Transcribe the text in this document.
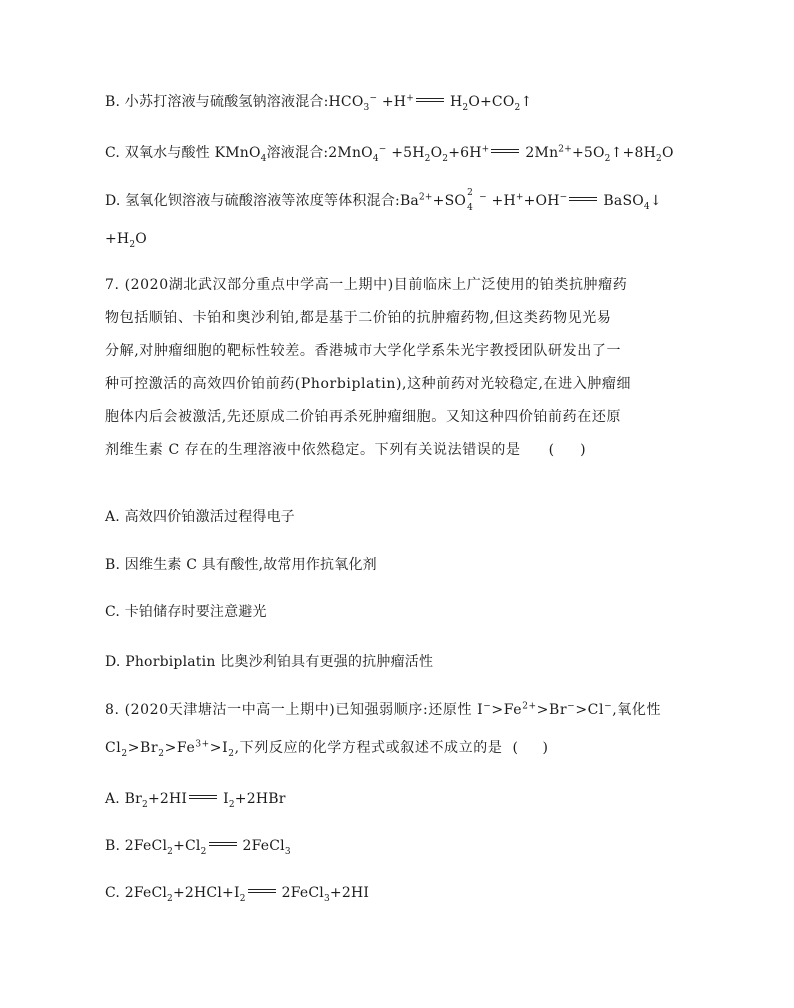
B. 小苏打溶液与硫酸氢钠溶液混合$:HCO_3^- +H^+$	$H_2O+CO_2↑$
C. 双氧水与酸性 KMnO$_4$溶液混合:2MnO$_4$− $+5H_2O_2+6H^+$	$2Mn^{2+}+5O_2↑+8H_2O$
D. 氢氧化钡溶液与硫酸溶液等浓度等体积混合$:Ba^{2+}+SO$ 2
4
− +H++OH−	BaSO$_4$↓
$+H_2O$
7. (2020湖北武汉部分重点中学高一上期中)目前临床上广泛使用的铂类抗肿瘤药
物包括顺铂、卡铂和奥沙利铂,都是基于二价铂的抗肿瘤药物,但这类药物见光易
分解,对肿瘤细胞的靶标性较差。香港城市大学化学系朱光宇教授团队研发出了一
种可控激活的高效四价铂前药(Phorbiplatin),这种前药对光较稳定,在进入肿瘤细
胞体内后会被激活,先还原成二价铂再杀死肿瘤细胞。又知这种四价铂前药在还原
剂维生素 C 存在的生理溶液中依然稳定。下列有关说法错误的是 ( )
A. 高效四价铂激活过程得电子
B. 因维生素 C 具有酸性,故常用作抗氧化剂
C. 卡铂储存时要注意避光
D. Phorbiplatin 比奥沙利铂具有更强的抗肿瘤活性
8. (2020天津塘沽一中高一上期中)已知强弱顺序:还原性 $I^->Fe^{2+}>Br^->Cl^-$,氧化性
$Cl_2>Br_2>Fe^{3+}>I_2$,下列反应的化学方程式或叙述不成立的是 ( )
A. $Br_2+2HI$	$I_2+2HBr$
B. $2FeCl_2+Cl_2$	2FeCl$_3$
C. $2FeCl_2+2HCl+I_2$	2FeCl$_3$+2HI
